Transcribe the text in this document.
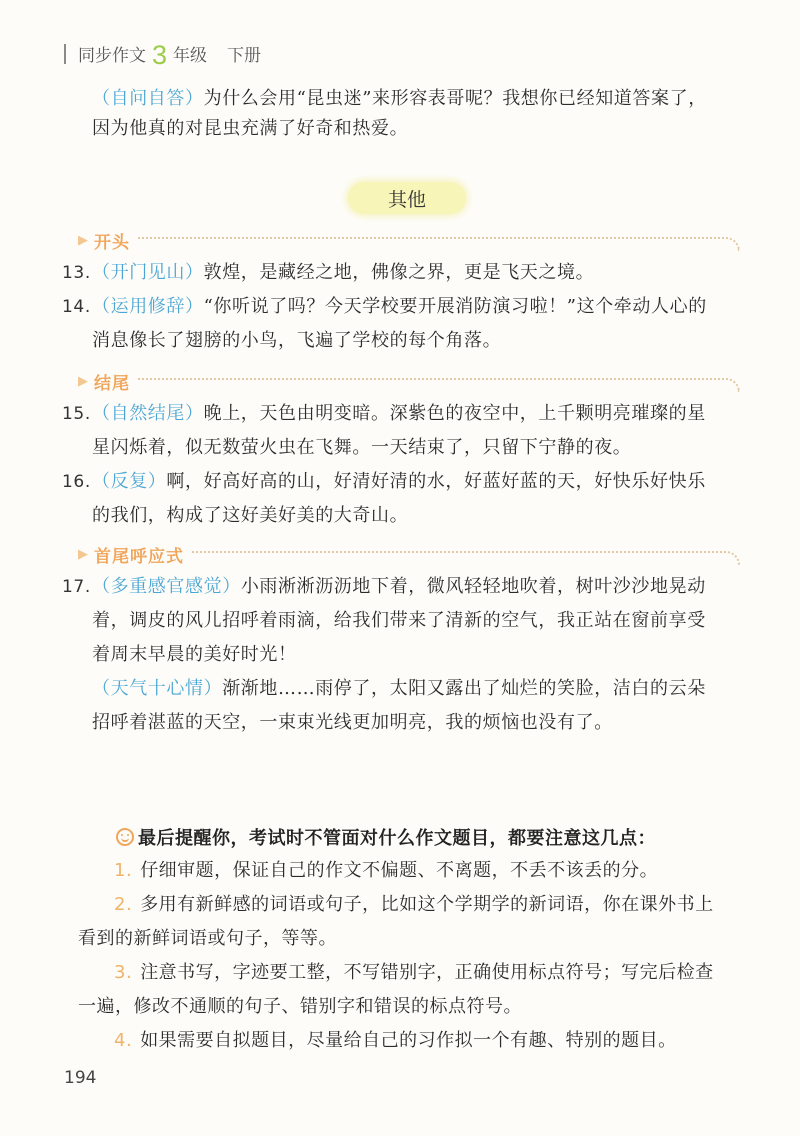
同步作文 3 年级 下册
（自问自答）为什么会用“昆虫迷”来形容表哥呢？我想你已经知道答案了，
因为他真的对昆虫充满了好奇和热爱。
其他
▶ 开头
13. （开门见山）敦煌，是藏经之地，佛像之界，更是飞天之境。
14. （运用修辞）“你听说了吗？今天学校要开展消防演习啦！”这个牵动人心的
消息像长了翅膀的小鸟，飞遍了学校的每个角落。
▶ 结尾
15. （自然结尾）晚上，天色由明变暗。深紫色的夜空中，上千颗明亮璀璨的星
星闪烁着，似无数萤火虫在飞舞。一天结束了，只留下宁静的夜。
16. （反复）啊，好高好高的山，好清好清的水，好蓝好蓝的天，好快乐好快乐
的我们，构成了这好美好美的大奇山。
▶ 首尾呼应式
17. （多重感官感觉）小雨淅淅沥沥地下着，微风轻轻地吹着，树叶沙沙地晃动
着，调皮的风儿招呼着雨滴，给我们带来了清新的空气，我正站在窗前享受
着周末早晨的美好时光！
（天气十心情）渐渐地……雨停了，太阳又露出了灿烂的笑脸，洁白的云朵
招呼着湛蓝的天空，一束束光线更加明亮，我的烦恼也没有了。
最后提醒你，考试时不管面对什么作文题目，都要注意这几点：
1. 仔细审题，保证自己的作文不偏题、不离题，不丢不该丢的分。
2. 多用有新鲜感的词语或句子，比如这个学期学的新词语，你在课外书上
看到的新鲜词语或句子，等等。
3. 注意书写，字迹要工整，不写错别字，正确使用标点符号；写完后检查
一遍，修改不通顺的句子、错别字和错误的标点符号。
4. 如果需要自拟题目，尽量给自己的习作拟一个有趣、特别的题目。
194
